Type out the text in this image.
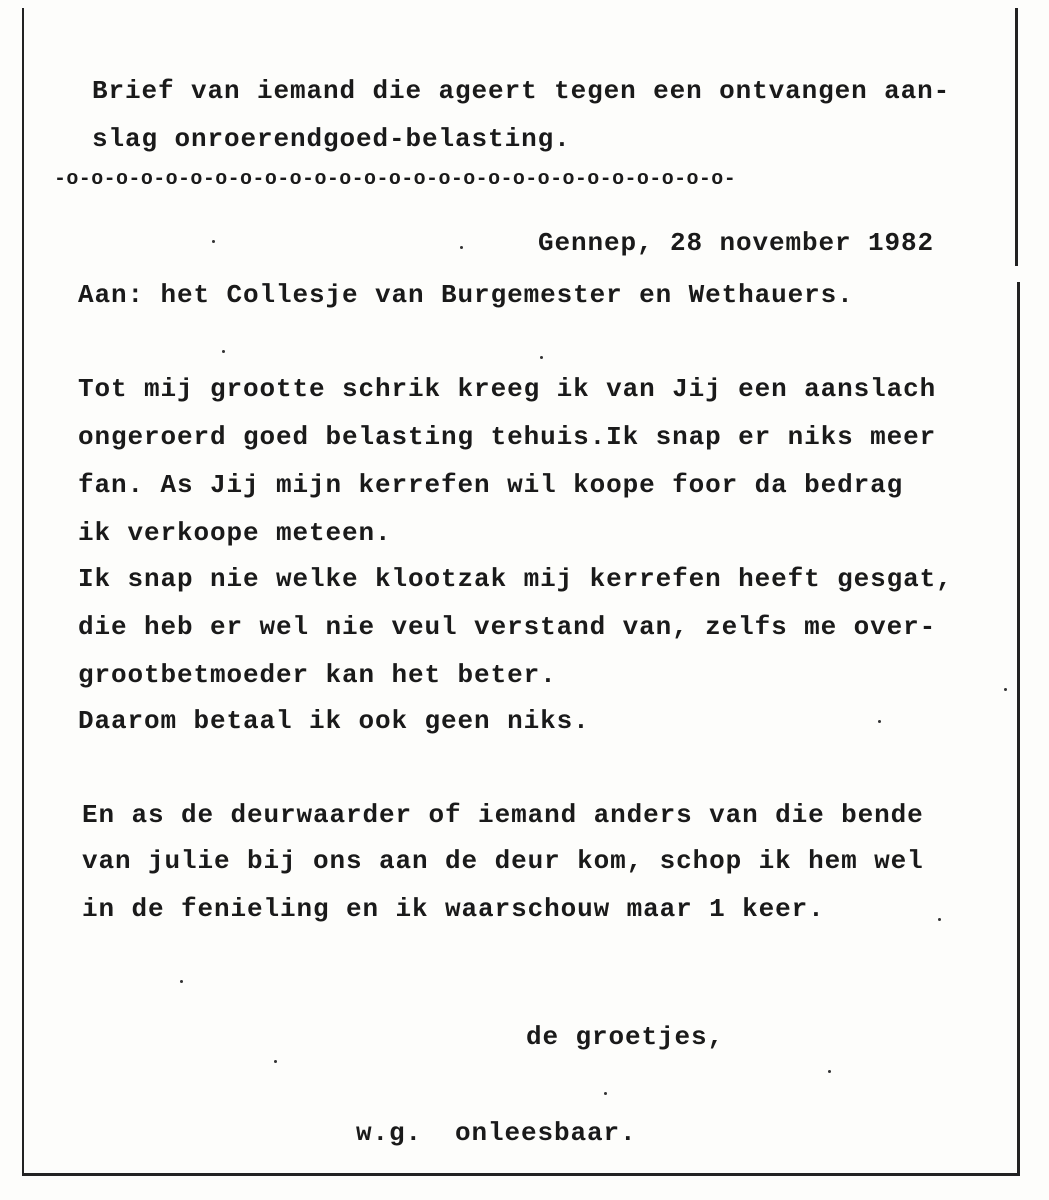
Brief van iemand die ageert tegen een ontvangen aan-
slag onroerendgoed-belasting.
-o-o-o-o-o-o-o-o-o-o-o-o-o-o-o-o-o-o-o-o-o-o-o-o-o-o-o-
Gennep, 28 november 1982
Aan: het Collesje van Burgemester en Wethauers.
Tot mij grootte schrik kreeg ik van Jij een aanslach
ongeroerd goed belasting tehuis.Ik snap er niks meer
fan. As Jij mijn kerrefen wil koope foor da bedrag
ik verkoope meteen.
Ik snap nie welke klootzak mij kerrefen heeft gesgat,
die heb er wel nie veul verstand van, zelfs me over-
grootbetmoeder kan het beter.
Daarom betaal ik ook geen niks.
En as de deurwaarder of iemand anders van die bende
van julie bij ons aan de deur kom, schop ik hem wel
in de fenieling en ik waarschouw maar 1 keer.
de groetjes,
w.g.  onleesbaar.
